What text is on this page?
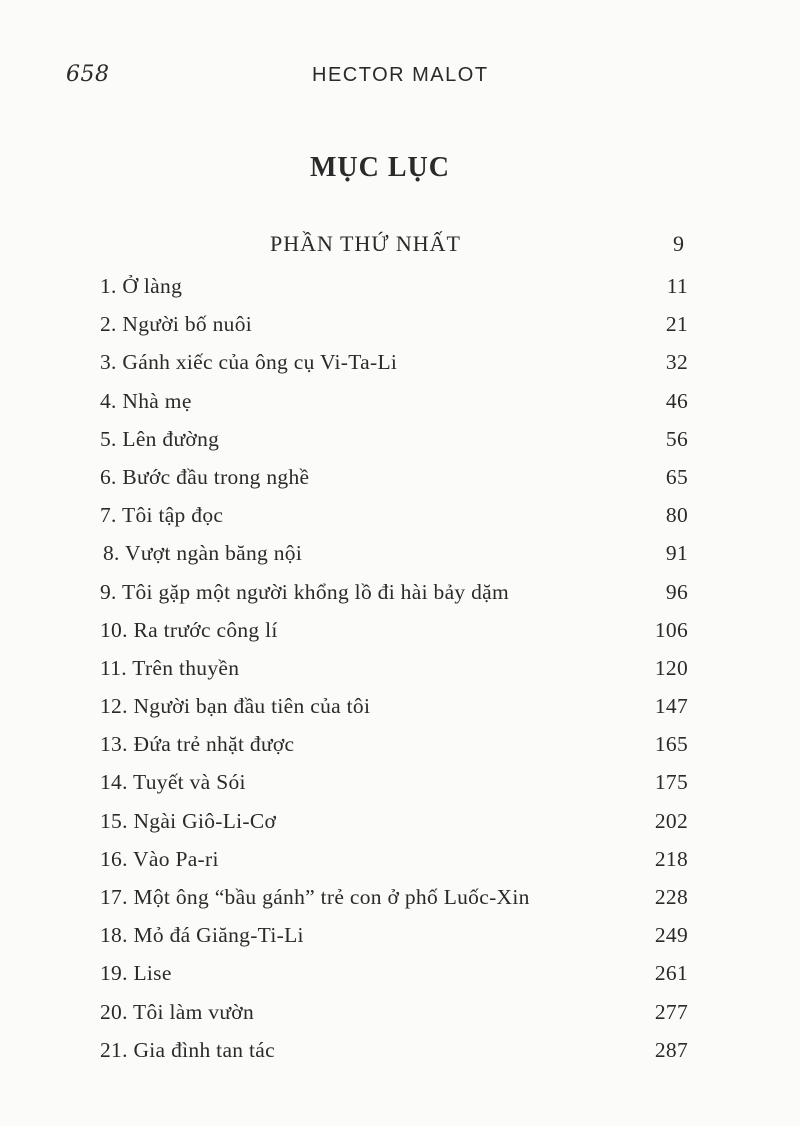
658	HECTOR MALOT
MỤC LỤC
PHẦN THỨ NHẤT	9
1. Ở làng	11
2. Người bố nuôi	21
3. Gánh xiếc của ông cụ Vi-Ta-Li	32
4. Nhà mẹ	46
5. Lên đường	56
6. Bước đầu trong nghề	65
7. Tôi tập đọc	80
8. Vượt ngàn băng nội	91
9. Tôi gặp một người khổng lồ đi hài bảy dặm	96
10. Ra trước công lí	106
11. Trên thuyền	120
12. Người bạn đầu tiên của tôi	147
13. Đứa trẻ nhặt được	165
14. Tuyết và Sói	175
15. Ngài Giô-Li-Cơ	202
16. Vào Pa-ri	218
17. Một ông “bầu gánh” trẻ con ở phố Luốc-Xin	228
18. Mỏ đá Giăng-Ti-Li	249
19. Lise	261
20. Tôi làm vườn	277
21. Gia đình tan tác	287
